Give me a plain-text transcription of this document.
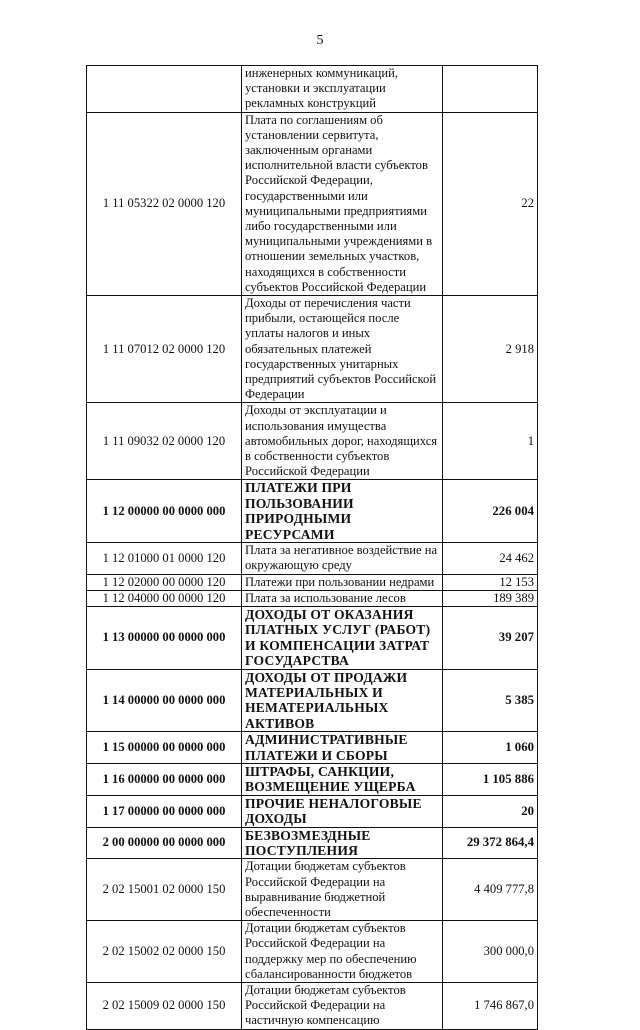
5
	инженерных коммуникаций, установки и эксплуатации рекламных конструкций	
1 11 05322 02 0000 120	Плата по соглашениям об установлении сервитута, заключенным органами исполнительной власти субъектов Российской Федерации, государственными или муниципальными предприятиями либо государственными или муниципальными учреждениями в отношении земельных участков, находящихся в собственности субъектов Российской Федерации	22
1 11 07012 02 0000 120	Доходы от перечисления части прибыли, остающейся после уплаты налогов и иных обязательных платежей государственных унитарных предприятий субъектов Российской Федерации	2 918
1 11 09032 02 0000 120	Доходы от эксплуатации и использования имущества автомобильных дорог, находящихся в собственности субъектов Российской Федерации	1
1 12 00000 00 0000 000	ПЛАТЕЖИ ПРИ ПОЛЬЗОВАНИИ ПРИРОДНЫМИ РЕСУРСАМИ	226 004
1 12 01000 01 0000 120	Плата за негативное воздействие на окружающую среду	24 462
1 12 02000 00 0000 120	Платежи при пользовании недрами	12 153
1 12 04000 00 0000 120	Плата за использование лесов	189 389
1 13 00000 00 0000 000	ДОХОДЫ ОТ ОКАЗАНИЯ ПЛАТНЫХ УСЛУГ (РАБОТ) И КОМПЕНСАЦИИ ЗАТРАТ ГОСУДАРСТВА	39 207
1 14 00000 00 0000 000	ДОХОДЫ ОТ ПРОДАЖИ МАТЕРИАЛЬНЫХ И НЕМАТЕРИАЛЬНЫХ АКТИВОВ	5 385
1 15 00000 00 0000 000	АДМИНИСТРАТИВНЫЕ ПЛАТЕЖИ И СБОРЫ	1 060
1 16 00000 00 0000 000	ШТРАФЫ, САНКЦИИ, ВОЗМЕЩЕНИЕ УЩЕРБА	1 105 886
1 17 00000 00 0000 000	ПРОЧИЕ НЕНАЛОГОВЫЕ ДОХОДЫ	20
2 00 00000 00 0000 000	БЕЗВОЗМЕЗДНЫЕ ПОСТУПЛЕНИЯ	29 372 864,4
2 02 15001 02 0000 150	Дотации бюджетам субъектов Российской Федерации на выравнивание бюджетной обеспеченности	4 409 777,8
2 02 15002 02 0000 150	Дотации бюджетам субъектов Российской Федерации на поддержку мер по обеспечению сбалансированности бюджетов	300 000,0
2 02 15009 02 0000 150	Дотации бюджетам субъектов Российской Федерации на частичную компенсацию	1 746 867,0
